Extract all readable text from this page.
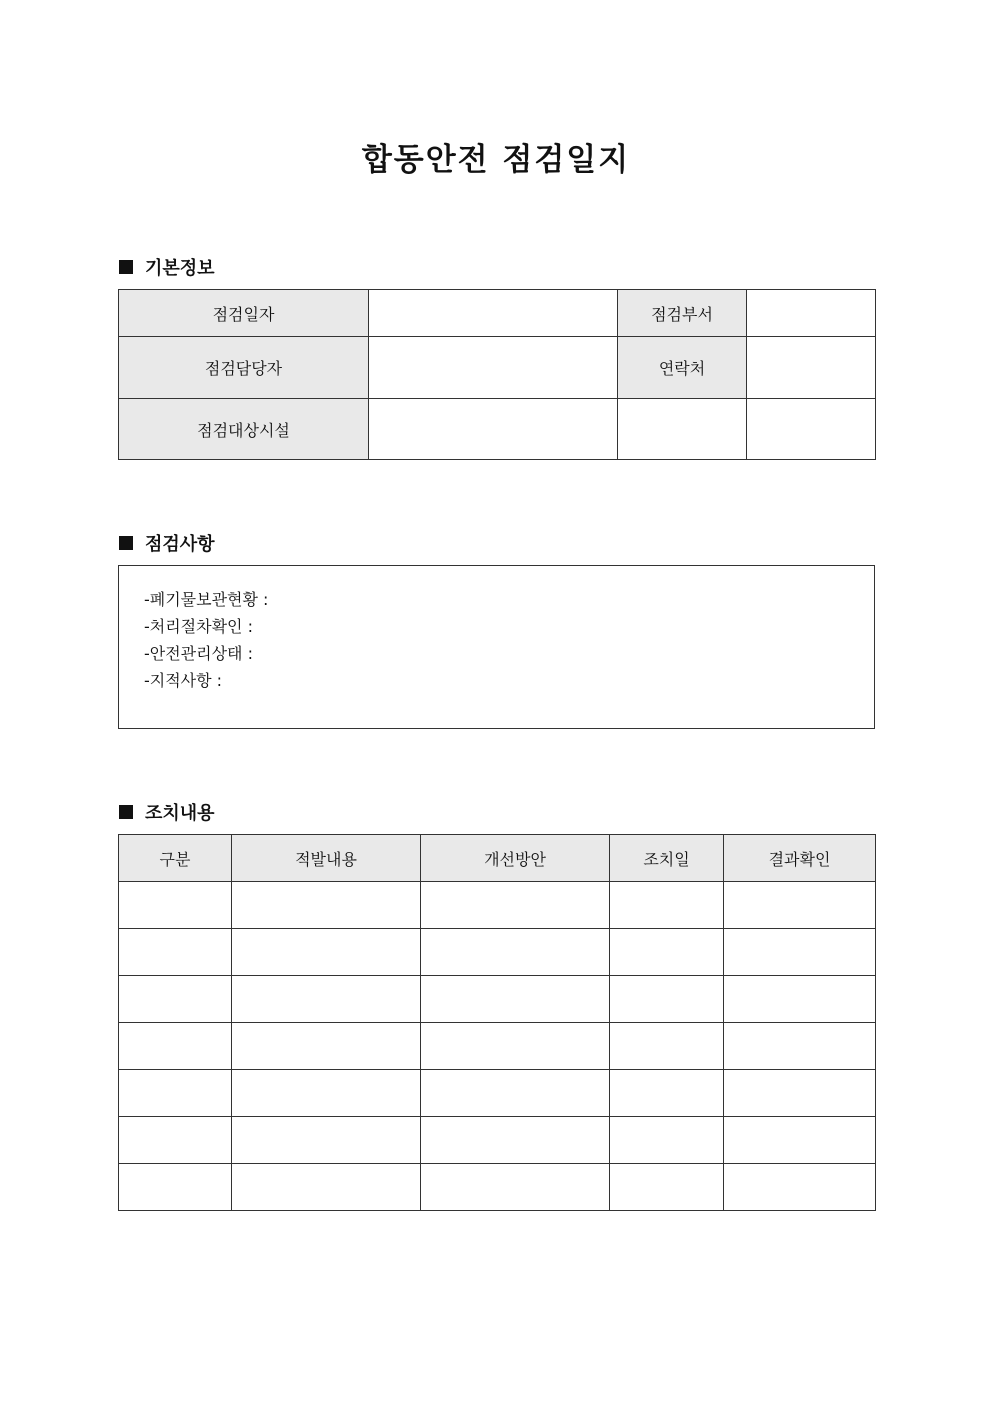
합동안전 점검일지
기본정보
점검일자		점검부서	
점검담당자		연락처	
점검대상시설			
점검사항
-폐기물보관현황 :
-처리절차확인 :
-안전관리상태 :
-지적사항 :
조치내용
구분	적발내용	개선방안	조치일	결과확인
